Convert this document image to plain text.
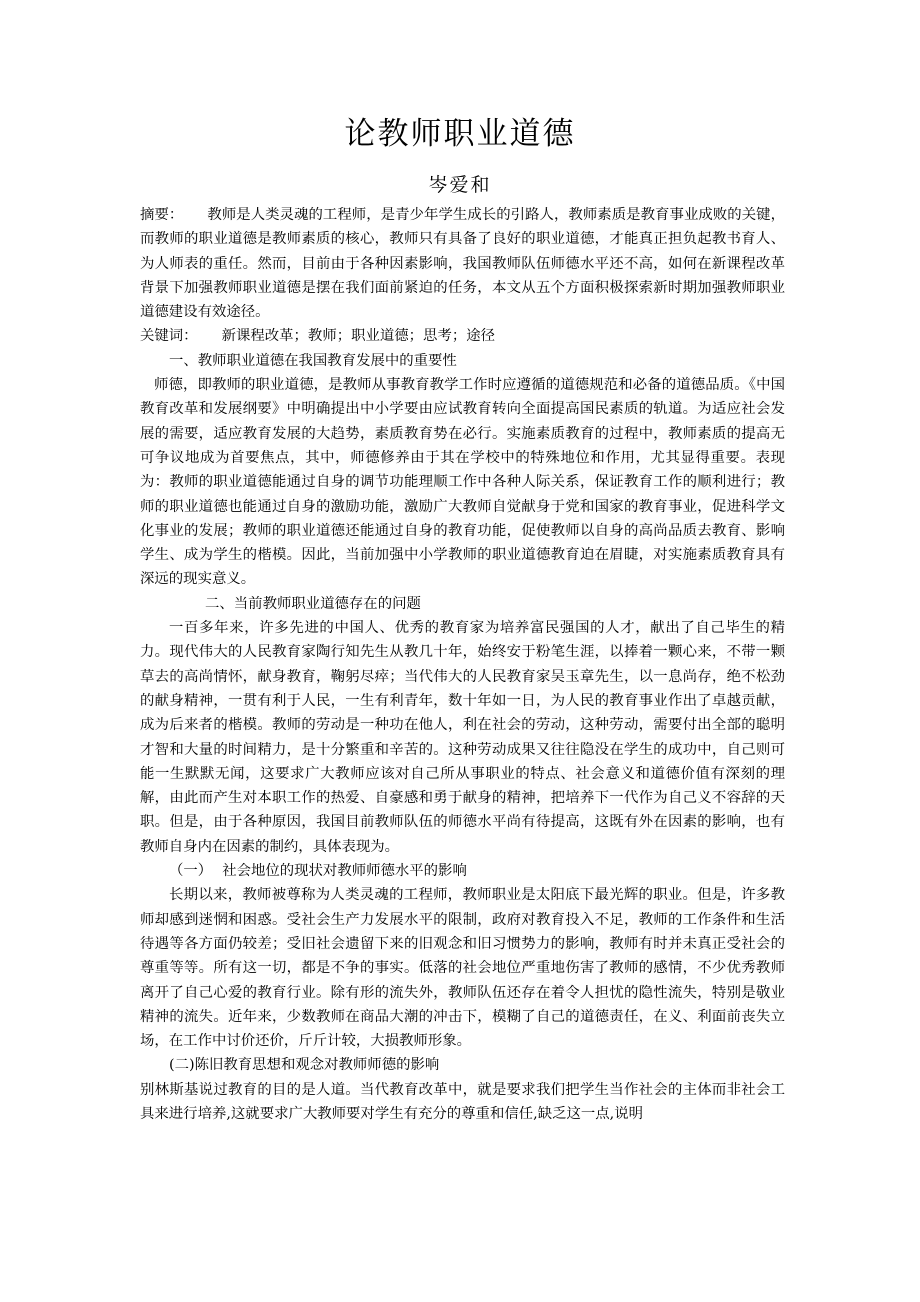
论教师职业道德
岑爱和

摘要： 教师是人类灵魂的工程师，是青少年学生成长的引路人，教师素质是教育事业成败的关键，而教师的职业道德是教师素质的核心，教师只有具备了良好的职业道德，才能真正担负起教书育人、为人师表的重任。然而，目前由于各种因素影响，我国教师队伍师德水平还不高，如何在新课程改革背景下加强教师职业道德是摆在我们面前紧迫的任务，本文从五个方面积极探索新时期加强教师职业道德建设有效途径。

关键词： 新课程改革；教师；职业道德；思考；途径

一、教师职业道德在我国教育发展中的重要性

师德，即教师的职业道德，是教师从事教育教学工作时应遵循的道德规范和必备的道德品质。《中国教育改革和发展纲要》中明确提出中小学要由应试教育转向全面提高国民素质的轨道。为适应社会发展的需要，适应教育发展的大趋势，素质教育势在必行。实施素质教育的过程中，教师素质的提高无可争议地成为首要焦点，其中，师德修养由于其在学校中的特殊地位和作用，尤其显得重要。表现为：教师的职业道德能通过自身的调节功能理顺工作中各种人际关系，保证教育工作的顺利进行；教师的职业道德也能通过自身的激励功能，激励广大教师自觉献身于党和国家的教育事业，促进科学文化事业的发展；教师的职业道德还能通过自身的教育功能，促使教师以自身的高尚品质去教育、影响学生、成为学生的楷模。因此，当前加强中小学教师的职业道德教育迫在眉睫，对实施素质教育具有深远的现实意义。

二、当前教师职业道德存在的问题

一百多年来，许多先进的中国人、优秀的教育家为培养富民强国的人才，献出了自己毕生的精力。现代伟大的人民教育家陶行知先生从教几十年，始终安于粉笔生涯，以捧着一颗心来，不带一颗草去的高尚情怀，献身教育，鞠躬尽瘁；当代伟大的人民教育家吴玉章先生，以一息尚存，绝不松劲的献身精神，一贯有利于人民，一生有利青年，数十年如一日，为人民的教育事业作出了卓越贡献，成为后来者的楷模。教师的劳动是一种功在他人，利在社会的劳动，这种劳动，需要付出全部的聪明才智和大量的时间精力，是十分繁重和辛苦的。这种劳动成果又往往隐没在学生的成功中，自己则可能一生默默无闻，这要求广大教师应该对自己所从事职业的特点、社会意义和道德价值有深刻的理解，由此而产生对本职工作的热爱、自豪感和勇于献身的精神，把培养下一代作为自己义不容辞的天职。但是，由于各种原因，我国目前教师队伍的师德水平尚有待提高，这既有外在因素的影响，也有教师自身内在因素的制约，具体表现为。

（一） 社会地位的现状对教师师德水平的影响

长期以来，教师被尊称为人类灵魂的工程师，教师职业是太阳底下最光辉的职业。但是，许多教师却感到迷惘和困惑。受社会生产力发展水平的限制，政府对教育投入不足，教师的工作条件和生活待遇等各方面仍较差；受旧社会遗留下来的旧观念和旧习惯势力的影响，教师有时并未真正受社会的尊重等等。所有这一切，都是不争的事实。低落的社会地位严重地伤害了教师的感情，不少优秀教师离开了自己心爱的教育行业。除有形的流失外，教师队伍还存在着令人担忧的隐性流失，特别是敬业精神的流失。近年来，少数教师在商品大潮的冲击下，模糊了自己的道德责任，在义、利面前丧失立场，在工作中讨价还价，斤斤计较，大损教师形象。

(二)陈旧教育思想和观念对教师师德的影响

别林斯基说过教育的目的是人道。当代教育改革中，就是要求我们把学生当作社会的主体而非社会工具来进行培养,这就要求广大教师要对学生有充分的尊重和信任,缺乏这一点,说明
